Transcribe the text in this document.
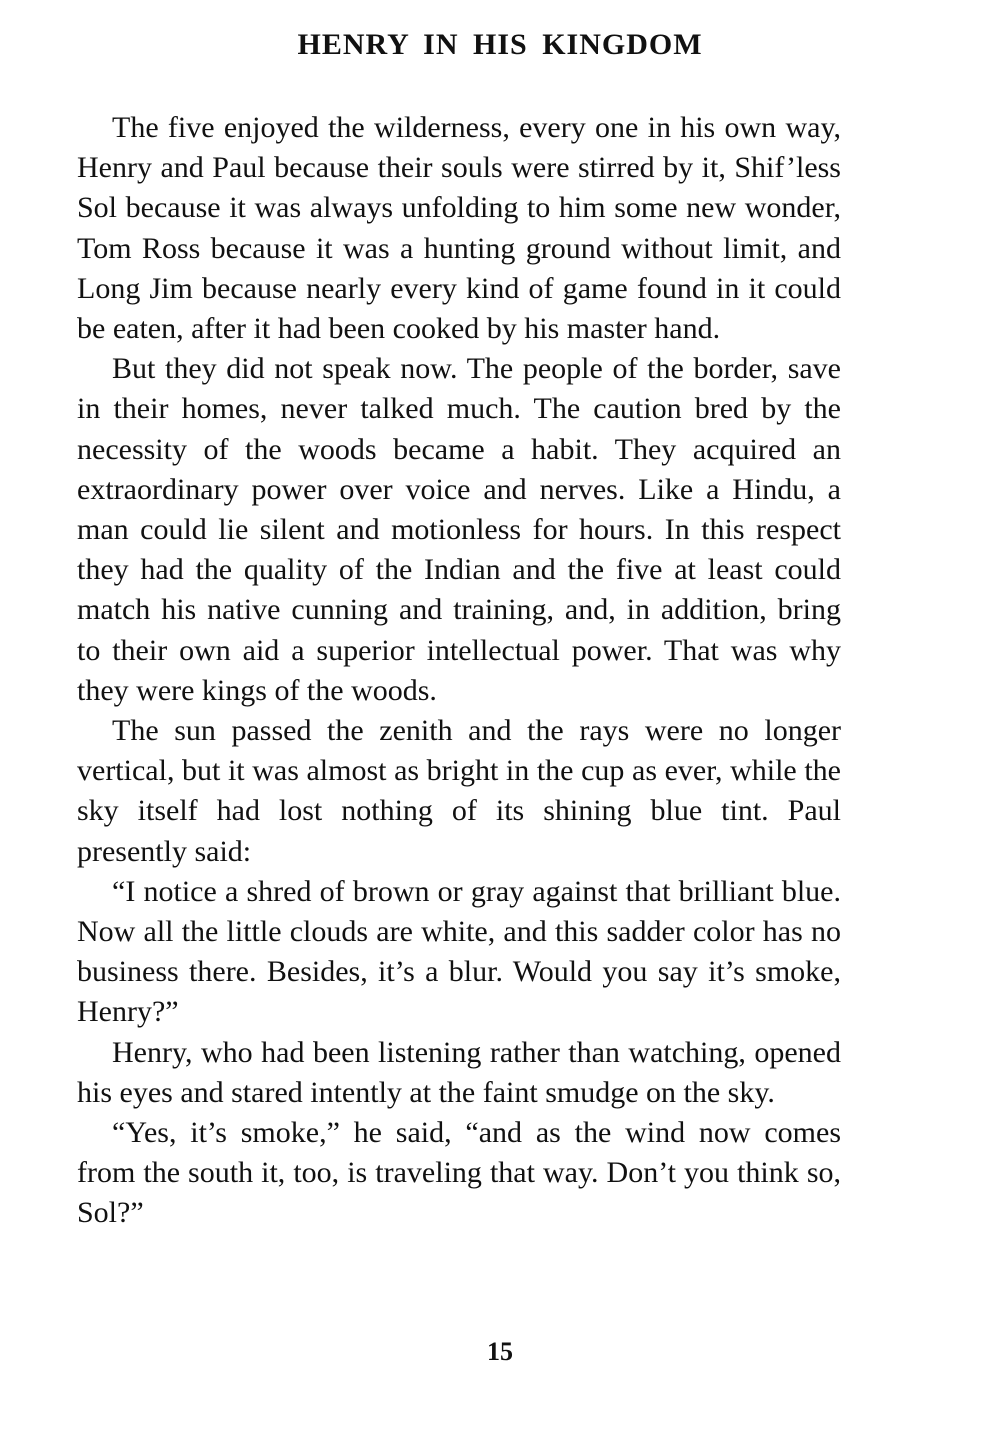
HENRY IN HIS KINGDOM

The five enjoyed the wilderness, every one in his own way, Henry and Paul because their souls were stirred by it, Shif’less Sol because it was always unfolding to him some new wonder, Tom Ross because it was a hunting ground without limit, and Long Jim because nearly every kind of game found in it could be eaten, after it had been cooked by his master hand.

But they did not speak now. The people of the border, save in their homes, never talked much. The caution bred by the necessity of the woods became a habit. They acquired an extraordinary power over voice and nerves. Like a Hindu, a man could lie silent and motionless for hours. In this respect they had the quality of the Indian and the five at least could match his native cunning and training, and, in addition, bring to their own aid a superior intellectual power. That was why they were kings of the woods.

The sun passed the zenith and the rays were no longer vertical, but it was almost as bright in the cup as ever, while the sky itself had lost nothing of its shining blue tint. Paul presently said:

“I notice a shred of brown or gray against that brilliant blue. Now all the little clouds are white, and this sadder color has no business there. Besides, it’s a blur. Would you say it’s smoke, Henry?”

Henry, who had been listening rather than watching, opened his eyes and stared intently at the faint smudge on the sky.

“Yes, it’s smoke,” he said, “and as the wind now comes from the south it, too, is traveling that way. Don’t you think so, Sol?”

15
